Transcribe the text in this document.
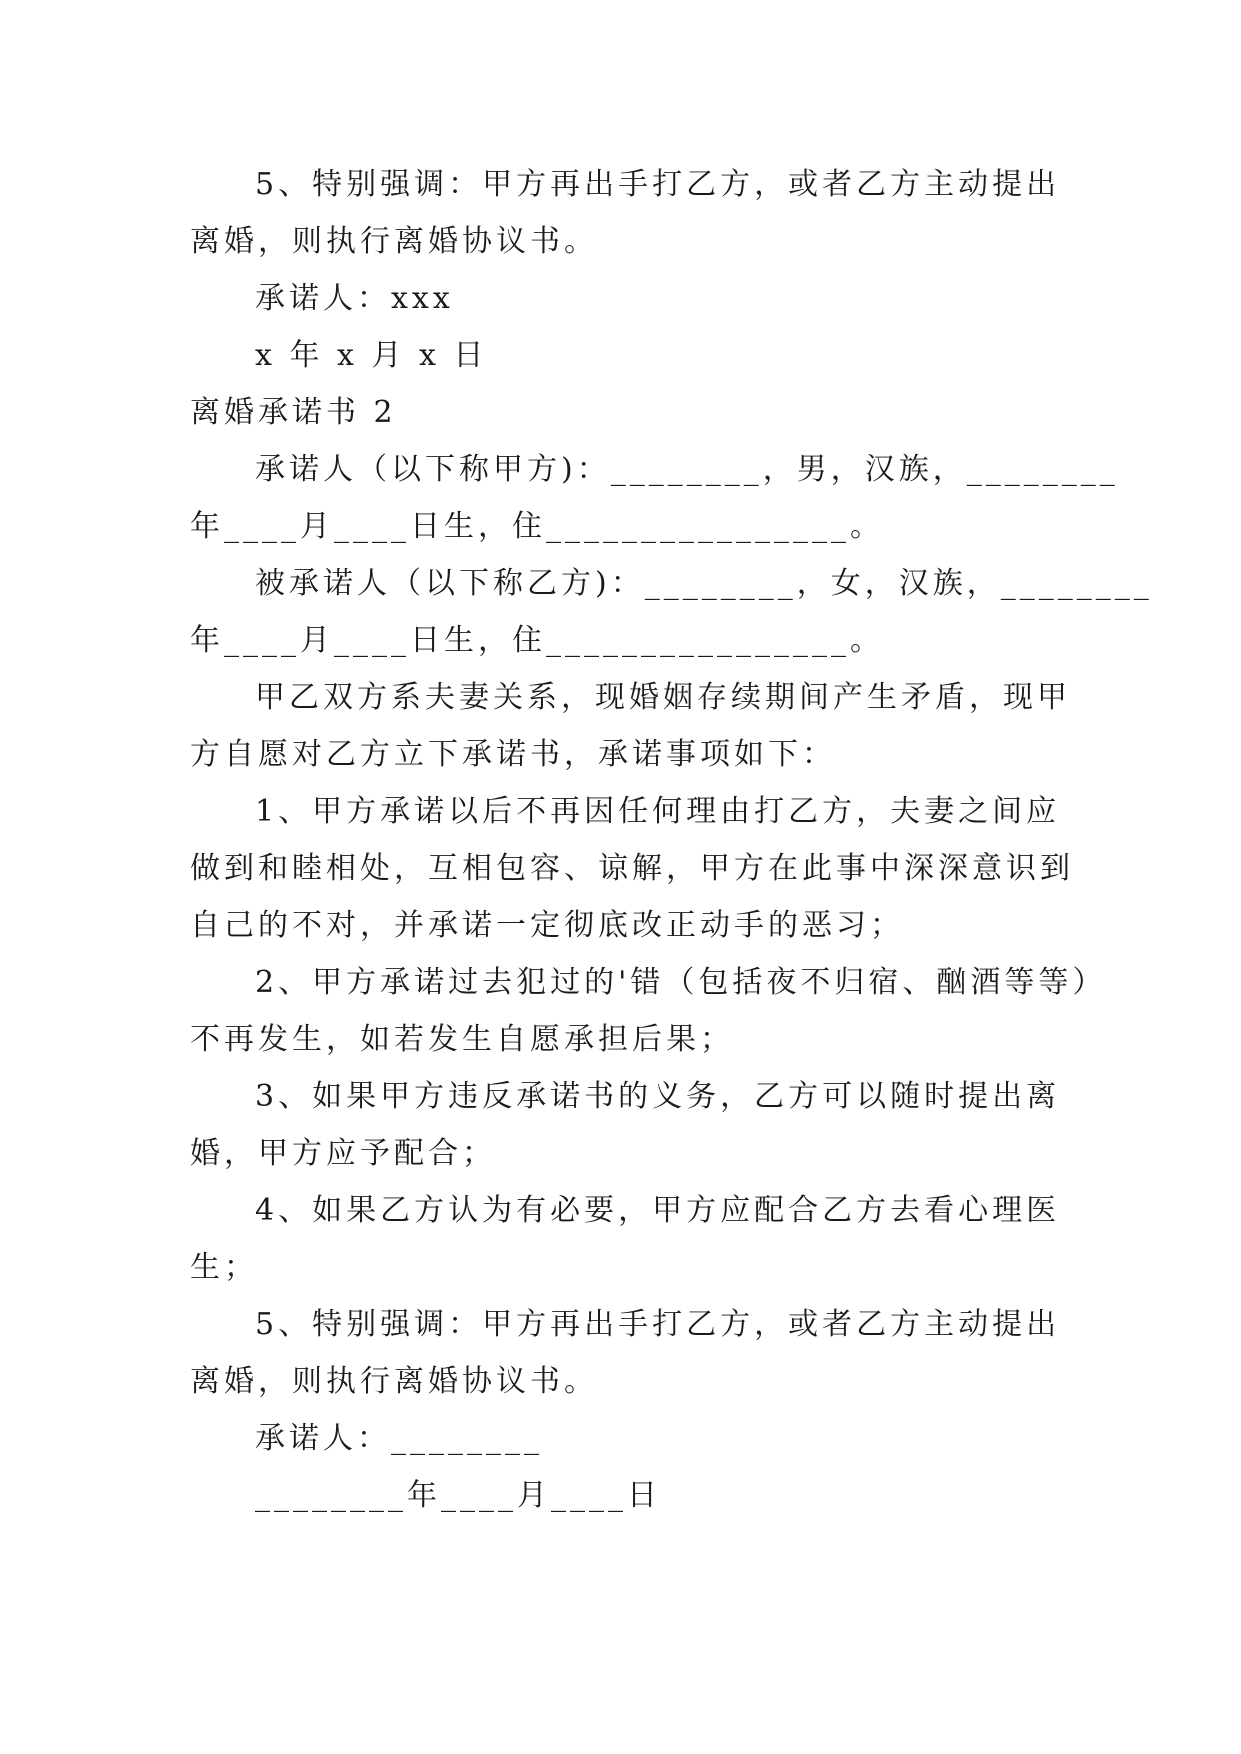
5、特别强调：甲方再出手打乙方，或者乙方主动提出
离婚，则执行离婚协议书。
承诺人：xxx
x 年 x 月 x 日
离婚承诺书 2
承诺人（以下称甲方)：________，男，汉族，________
年____月____日生，住________________。
被承诺人（以下称乙方)：________，女，汉族，________
年____月____日生，住________________。
甲乙双方系夫妻关系，现婚姻存续期间产生矛盾，现甲
方自愿对乙方立下承诺书，承诺事项如下：
1、甲方承诺以后不再因任何理由打乙方，夫妻之间应
做到和睦相处，互相包容、谅解，甲方在此事中深深意识到
自己的不对，并承诺一定彻底改正动手的恶习；
2、甲方承诺过去犯过的'错（包括夜不归宿、酗酒等等）
不再发生，如若发生自愿承担后果；
3、如果甲方违反承诺书的义务，乙方可以随时提出离
婚，甲方应予配合；
4、如果乙方认为有必要，甲方应配合乙方去看心理医
生；
5、特别强调：甲方再出手打乙方，或者乙方主动提出
离婚，则执行离婚协议书。
承诺人：________
________年____月____日
